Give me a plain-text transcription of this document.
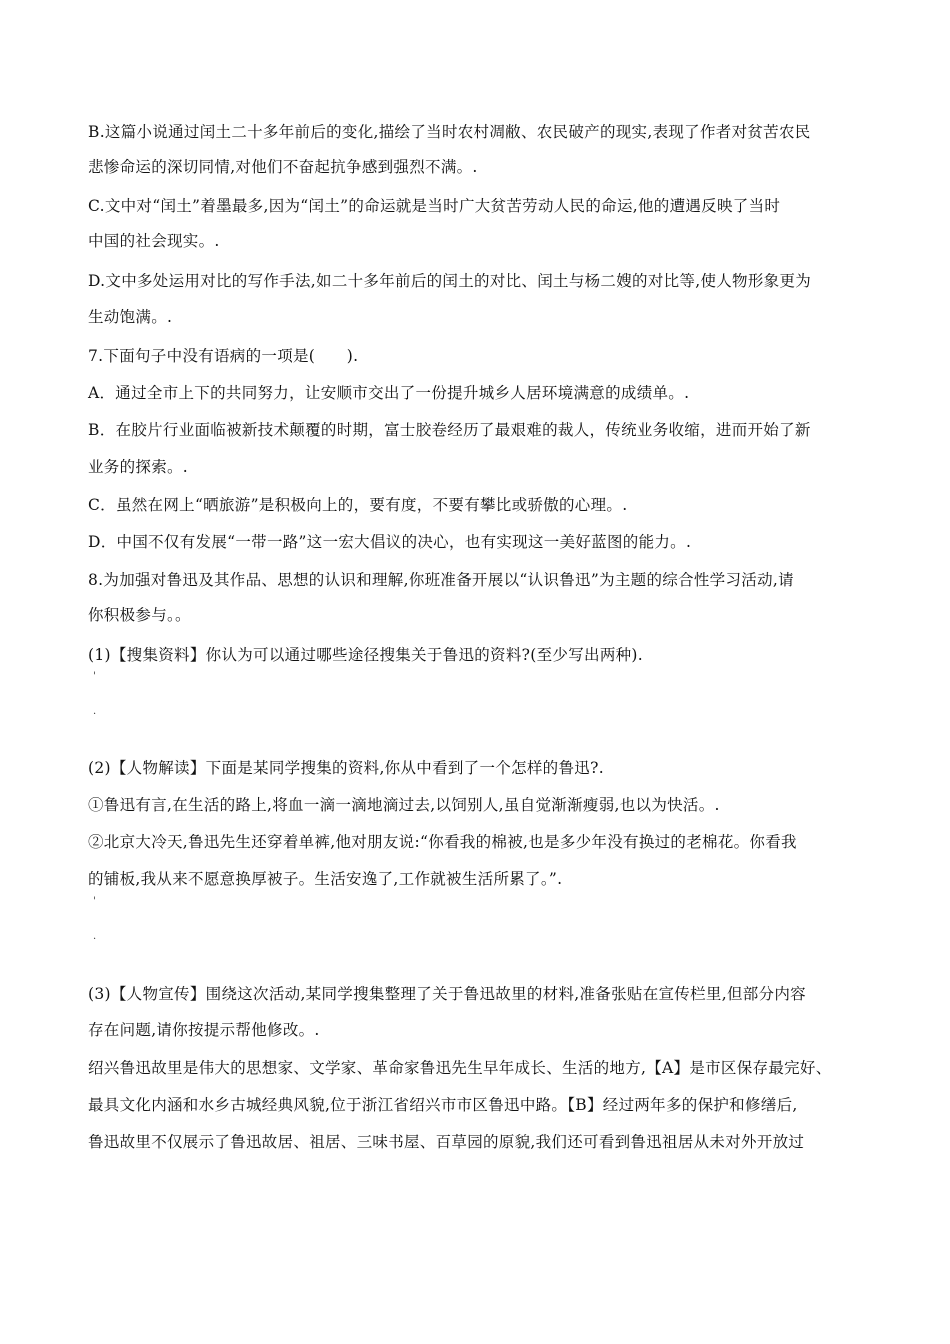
B.这篇小说通过闰土二十多年前后的变化,描绘了当时农村凋敝、农民破产的现实,表现了作者对贫苦农民
悲惨命运的深切同情,对他们不奋起抗争感到强烈不满。.
C.文中对“闰土”着墨最多,因为“闰土”的命运就是当时广大贫苦劳动人民的命运,他的遭遇反映了当时
中国的社会现实。.
D.文中多处运用对比的写作手法,如二十多年前后的闰土的对比、闰土与杨二嫂的对比等,使人物形象更为
生动饱满。.
7.下面句子中没有语病的一项是(　　).
A．通过全市上下的共同努力，让安顺市交出了一份提升城乡人居环境满意的成绩单。.
B．在胶片行业面临被新技术颠覆的时期，富士胶卷经历了最艰难的裁人，传统业务收缩，进而开始了新
业务的探索。.
C．虽然在网上“晒旅游”是积极向上的，要有度，不要有攀比或骄傲的心理。.
D．中国不仅有发展“一带一路”这一宏大倡议的决心，也有实现这一美好蓝图的能力。.
8.为加强对鲁迅及其作品、思想的认识和理解,你班准备开展以“认识鲁迅”为主题的综合性学习活动,请
你积极参与。。
(1)【搜集资料】你认为可以通过哪些途径搜集关于鲁迅的资料?(至少写出两种).
'
.
(2)【人物解读】下面是某同学搜集的资料,你从中看到了一个怎样的鲁迅?.
①鲁迅有言,在生活的路上,将血一滴一滴地滴过去,以饲别人,虽自觉渐渐瘦弱,也以为快活。.
②北京大冷天,鲁迅先生还穿着单裤,他对朋友说:“你看我的棉被,也是多少年没有换过的老棉花。你看我
的铺板,我从来不愿意换厚被子。生活安逸了,工作就被生活所累了。”.
'
.
(3)【人物宣传】围绕这次活动,某同学搜集整理了关于鲁迅故里的材料,准备张贴在宣传栏里,但部分内容
存在问题,请你按提示帮他修改。.
绍兴鲁迅故里是伟大的思想家、文学家、革命家鲁迅先生早年成长、生活的地方,【A】是市区保存最完好、
最具文化内涵和水乡古城经典风貌,位于浙江省绍兴市市区鲁迅中路。【B】经过两年多的保护和修缮后,
鲁迅故里不仅展示了鲁迅故居、祖居、三味书屋、百草园的原貌,我们还可看到鲁迅祖居从未对外开放过
